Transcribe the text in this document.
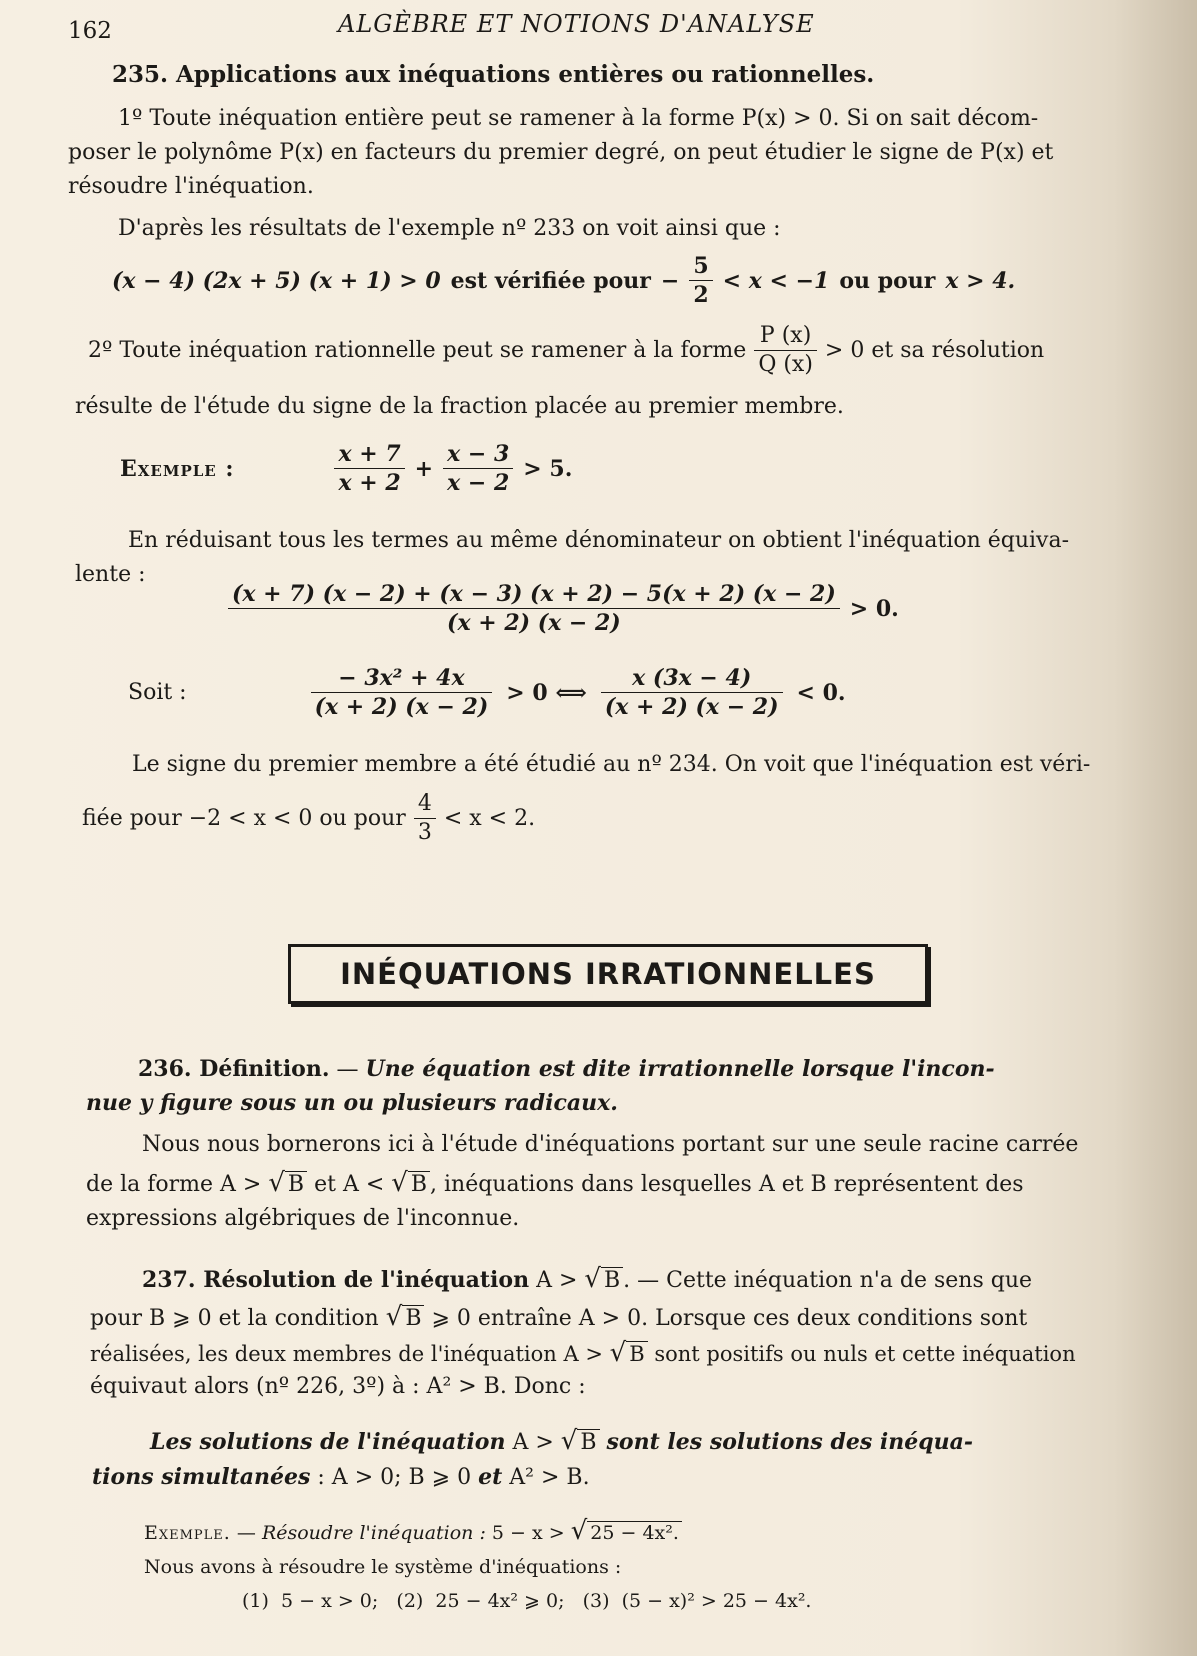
162	ALGÈBRE ET NOTIONS D'ANALYSE
235. Applications aux inéquations entières ou rationnelles.
1º Toute inéquation entière peut se ramener à la forme P(x) > 0. Si on sait décom-
poser le polynôme P(x) en facteurs du premier degré, on peut étudier le signe de P(x) et
résoudre l'inéquation.
D'après les résultats de l'exemple nº 233 on voit ainsi que :
(x − 4) (2x + 5) (x + 1) > 0 est vérifiée pour − $\frac{5}{2} < x < -1$ ou pour x > 4.
2º Toute inéquation rationnelle peut se ramener à la forme $\frac{P (x)}{Q (x)} > 0$ et sa résolution
résulte de l'étude du signe de la fraction placée au premier membre.
Exemple :	$\frac{x + 7}{x + 2} + \frac{x - 3}{x - 2} > 5$.
En réduisant tous les termes au même dénominateur on obtient l'inéquation équiva-
lente :
$\frac{(x + 7) (x - 2) + (x - 3) (x + 2) - 5(x + 2) (x - 2)}{(x + 2) (x - 2)} > 0$.
Soit :	$\frac{\text{− 3x² + 4x}}{(x + 2) (x - 2)} > 0$ ⟺ $\frac{x (3x - 4)}{(x + 2) (x - 2)} < 0$.
Le signe du premier membre a été étudié au nº 234. On voit que l'inéquation est véri-
fiée pour −2 < x < 0 ou pour $\frac{4}{3} < x < 2$.
INÉQUATIONS IRRATIONNELLES
236. Définition. — Une équation est dite irrationnelle lorsque l'incon-
nue y figure sous un ou plusieurs radicaux.
Nous nous bornerons ici à l'étude d'inéquations portant sur une seule racine carrée
de la forme A > √ B et A < √ B , inéquations dans lesquelles A et B représentent des
expressions algébriques de l'inconnue.
237. Résolution de l'inéquation A > √ B . — Cette inéquation n'a de sens que
pour B ⩾ 0 et la condition √ B ⩾ 0 entraîne A > 0. Lorsque ces deux conditions sont
réalisées, les deux membres de l'inéquation A > √ B sont positifs ou nuls et cette inéquation
équivaut alors (nº 226, 3º) à : A² > B. Donc :
Les solutions de l'inéquation A > √ B sont les solutions des inéqua-
tions simultanées : A > 0; B ⩾ 0 et A² > B.
Exemple. — Résoudre l'inéquation : 5 − x > √ 25 − 4x².
Nous avons à résoudre le système d'inéquations :
(1)  5 − x > 0;   (2)  25 − 4x² ⩾ 0;   (3)  (5 − x)² > 25 − 4x².
